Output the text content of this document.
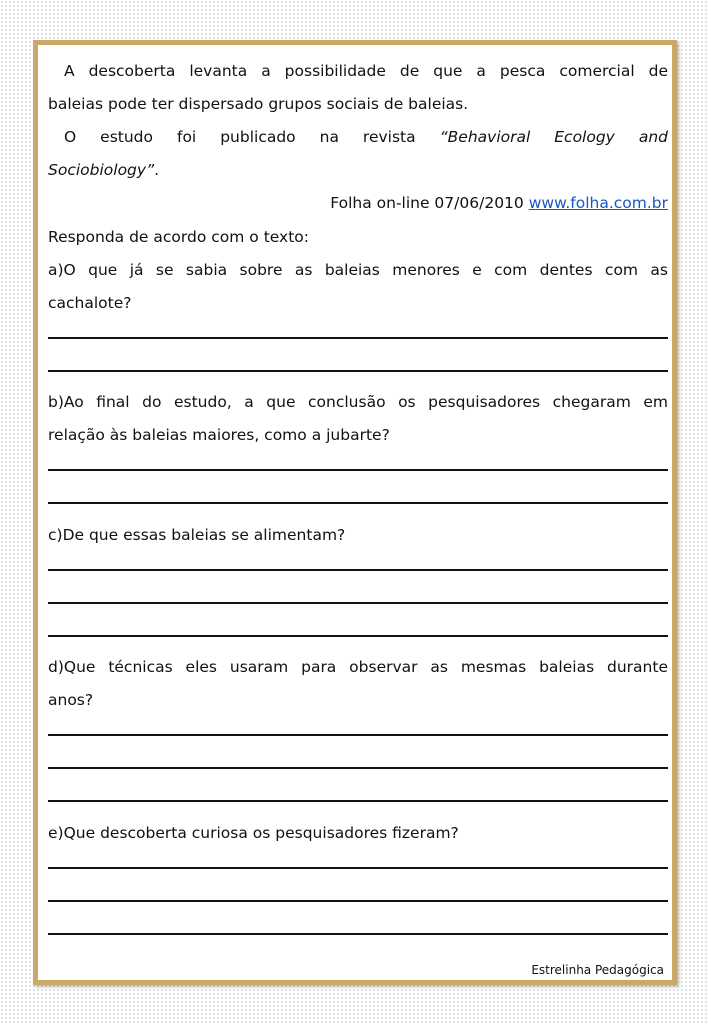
A descoberta levanta a possibilidade de que a pesca comercial de
baleias pode ter dispersado grupos sociais de baleias.
O estudo foi publicado na revista “Behavioral Ecology and
Sociobiology”.
Folha on-line 07/06/2010 www.folha.com.br
Responda de acordo com o texto:
a)O que já se sabia sobre as baleias menores e com dentes com as
cachalote?
b)Ao final do estudo, a que conclusão os pesquisadores chegaram em
relação às baleias maiores, como a jubarte?
c)De que essas baleias se alimentam?
d)Que técnicas eles usaram para observar as mesmas baleias durante
anos?
e)Que descoberta curiosa os pesquisadores fizeram?
Estrelinha Pedagógica
